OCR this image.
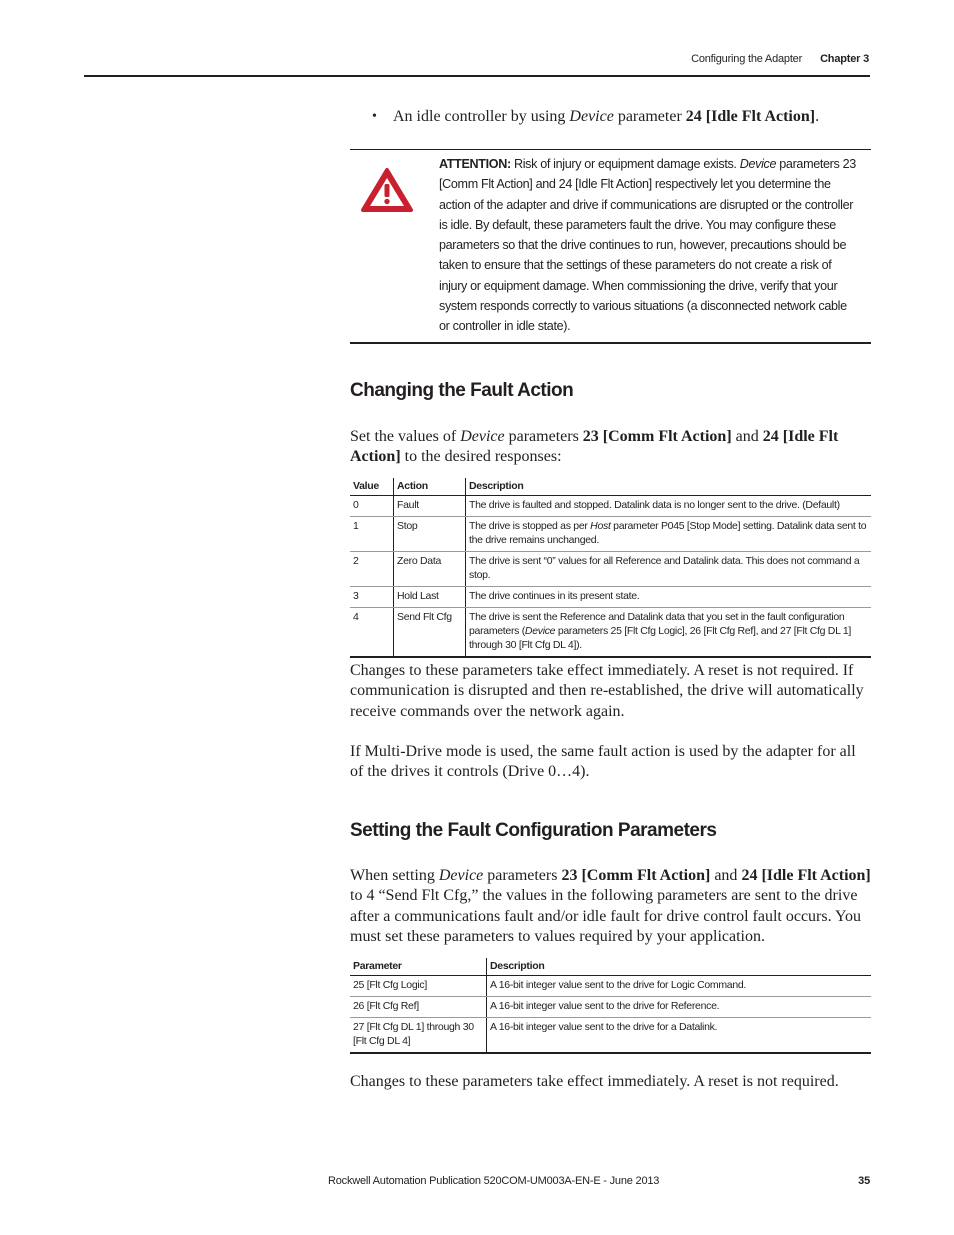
Configuring the Adapter Chapter 3
• An idle controller by using Device parameter 24 [Idle Flt Action].
ATTENTION: Risk of injury or equipment damage exists. Device parameters 23 [Comm Flt Action] and 24 [Idle Flt Action] respectively let you determine the action of the adapter and drive if communications are disrupted or the controller is idle. By default, these parameters fault the drive. You may configure these parameters so that the drive continues to run, however, precautions should be taken to ensure that the settings of these parameters do not create a risk of injury or equipment damage. When commissioning the drive, verify that your system responds correctly to various situations (a disconnected network cable or controller in idle state).
Changing the Fault Action

Set the values of Device parameters 23 [Comm Flt Action] and 24 [Idle Flt Action] to the desired responses:

Value	Action	Description
0	Fault	The drive is faulted and stopped. Datalink data is no longer sent to the drive. (Default)
1	Stop	The drive is stopped as per Host parameter P045 [Stop Mode] setting. Datalink data sent to the drive remains unchanged.
2	Zero Data	The drive is sent “0” values for all Reference and Datalink data. This does not command a stop.
3	Hold Last	The drive continues in its present state.
4	Send Flt Cfg	The drive is sent the Reference and Datalink data that you set in the fault configuration parameters (Device parameters 25 [Flt Cfg Logic], 26 [Flt Cfg Ref], and 27 [Flt Cfg DL 1] through 30 [Flt Cfg DL 4]).

Changes to these parameters take effect immediately. A reset is not required. If communication is disrupted and then re-established, the drive will automatically receive commands over the network again.

If Multi-Drive mode is used, the same fault action is used by the adapter for all of the drives it controls (Drive 0…4).

Setting the Fault Configuration Parameters

When setting Device parameters 23 [Comm Flt Action] and 24 [Idle Flt Action] to 4 “Send Flt Cfg,” the values in the following parameters are sent to the drive after a communications fault and/or idle fault for drive control fault occurs. You must set these parameters to values required by your application.

Parameter	Description
25 [Flt Cfg Logic]	A 16-bit integer value sent to the drive for Logic Command.
26 [Flt Cfg Ref]	A 16-bit integer value sent to the drive for Reference.
27 [Flt Cfg DL 1] through 30 [Flt Cfg DL 4]	A 16-bit integer value sent to the drive for a Datalink.

Changes to these parameters take effect immediately. A reset is not required.

Rockwell Automation Publication 520COM-UM003A-EN-E - June 2013	35
